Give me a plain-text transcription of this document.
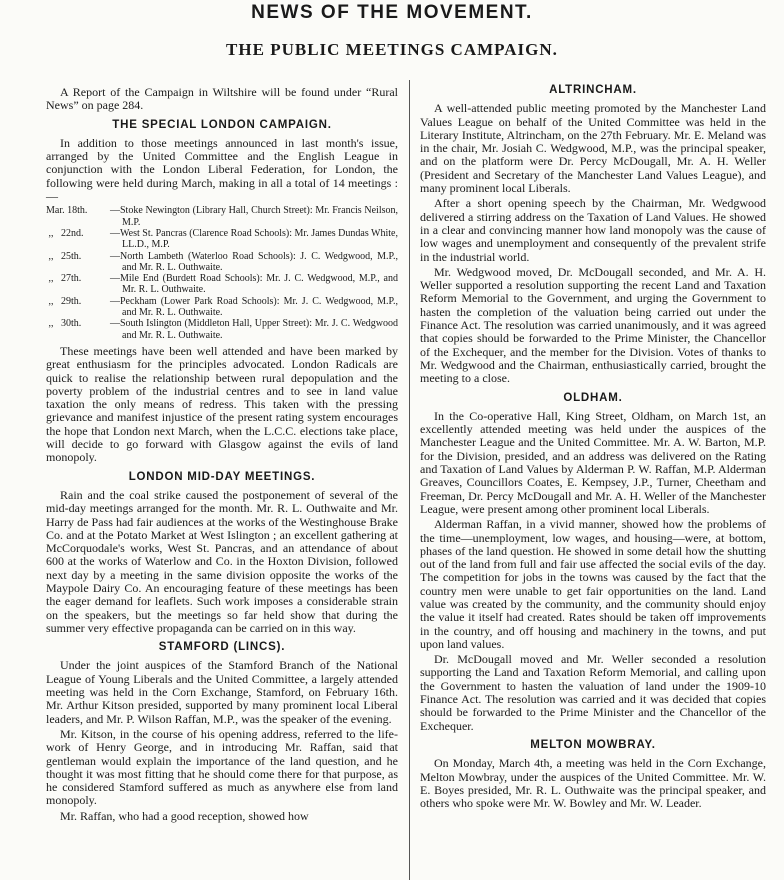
NEWS OF THE MOVEMENT.
THE PUBLIC MEETINGS CAMPAIGN.

A Report of the Campaign in Wiltshire will be found under “Rural News” on page 284.

THE SPECIAL LONDON CAMPAIGN.

In addition to those meetings announced in last month's issue, arranged by the United Committee and the English League in conjunction with the London Liberal Federation, for London, the following were held during March, making in all a total of 14 meetings :—

Mar. 18th.	—Stoke Newington (Library Hall, Church Street): Mr. Francis Neilson, M.P.
,,   22nd.	—West St. Pancras (Clarence Road Schools): Mr. James Dundas White, LL.D., M.P.
,,   25th.	—North Lambeth (Waterloo Road Schools): J. C. Wedgwood, M.P., and Mr. R. L. Outhwaite.
,,   27th.	—Mile End (Burdett Road Schools): Mr. J. C. Wedgwood, M.P., and Mr. R. L. Outhwaite.
,,   29th.	—Peckham (Lower Park Road Schools): Mr. J. C. Wedgwood, M.P., and Mr. R. L. Outhwaite.
,,   30th.	—South Islington (Middleton Hall, Upper Street): Mr. J. C. Wedgwood and Mr. R. L. Outhwaite.

These meetings have been well attended and have been marked by great enthusiasm for the principles advocated. London Radicals are quick to realise the relationship between rural depopulation and the poverty problem of the industrial centres and to see in land value taxation the only means of redress. This taken with the pressing grievance and manifest injustice of the present rating system encourages the hope that London next March, when the L.C.C. elections take place, will decide to go forward with Glasgow against the evils of land monopoly.

LONDON MID-DAY MEETINGS.

Rain and the coal strike caused the postponement of several of the mid-day meetings arranged for the month. Mr. R. L. Outhwaite and Mr. Harry de Pass had fair audiences at the works of the Westinghouse Brake Co. and at the Potato Market at West Islington ; an excellent gathering at McCorquodale's works, West St. Pancras, and an attendance of about 600 at the works of Waterlow and Co. in the Hoxton Division, followed next day by a meeting in the same division opposite the works of the Maypole Dairy Co. An encouraging feature of these meetings has been the eager demand for leaflets. Such work imposes a considerable strain on the speakers, but the meetings so far held show that during the summer very effective propaganda can be carried on in this way.

STAMFORD (LINCS).

Under the joint auspices of the Stamford Branch of the National League of Young Liberals and the United Committee, a largely attended meeting was held in the Corn Exchange, Stamford, on February 16th. Mr. Arthur Kitson presided, supported by many prominent local Liberal leaders, and Mr. P. Wilson Raffan, M.P., was the speaker of the evening.

Mr. Kitson, in the course of his opening address, referred to the life-work of Henry George, and in introducing Mr. Raffan, said that gentleman would explain the importance of the land question, and he thought it was most fitting that he should come there for that purpose, as he considered Stamford suffered as much as anywhere else from land monopoly.

Mr. Raffan, who had a good reception, showed how

ALTRINCHAM.

A well-attended public meeting promoted by the Manchester Land Values League on behalf of the United Committee was held in the Literary Institute, Altrincham, on the 27th February. Mr. E. Meland was in the chair, Mr. Josiah C. Wedgwood, M.P., was the principal speaker, and on the platform were Dr. Percy McDougall, Mr. A. H. Weller (President and Secretary of the Manchester Land Values League), and many prominent local Liberals.

After a short opening speech by the Chairman, Mr. Wedgwood delivered a stirring address on the Taxation of Land Values. He showed in a clear and convincing manner how land monopoly was the cause of low wages and unemployment and consequently of the prevalent strife in the industrial world.

Mr. Wedgwood moved, Dr. McDougall seconded, and Mr. A. H. Weller supported a resolution supporting the recent Land and Taxation Reform Memorial to the Government, and urging the Government to hasten the completion of the valuation being carried out under the Finance Act. The resolution was carried unanimously, and it was agreed that copies should be forwarded to the Prime Minister, the Chancellor of the Exchequer, and the member for the Division. Votes of thanks to Mr. Wedgwood and the Chairman, enthusiastically carried, brought the meeting to a close.

OLDHAM.

In the Co-operative Hall, King Street, Oldham, on March 1st, an excellently attended meeting was held under the auspices of the Manchester League and the United Committee. Mr. A. W. Barton, M.P. for the Division, presided, and an address was delivered on the Rating and Taxation of Land Values by Alderman P. W. Raffan, M.P. Alderman Greaves, Councillors Coates, E. Kempsey, J.P., Turner, Cheetham and Freeman, Dr. Percy McDougall and Mr. A. H. Weller of the Manchester League, were present among other prominent local Liberals.

Alderman Raffan, in a vivid manner, showed how the problems of the time—unemployment, low wages, and housing—were, at bottom, phases of the land question. He showed in some detail how the shutting out of the land from full and fair use affected the social evils of the day. The competition for jobs in the towns was caused by the fact that the country men were unable to get fair opportunities on the land. Land value was created by the community, and the community should enjoy the value it itself had created. Rates should be taken off improvements in the country, and off housing and machinery in the towns, and put upon land values.

Dr. McDougall moved and Mr. Weller seconded a resolution supporting the Land and Taxation Reform Memorial, and calling upon the Government to hasten the valuation of land under the 1909-10 Finance Act. The resolution was carried and it was decided that copies should be forwarded to the Prime Minister and the Chancellor of the Exchequer.

MELTON MOWBRAY.

On Monday, March 4th, a meeting was held in the Corn Exchange, Melton Mowbray, under the auspices of the United Committee. Mr. W. E. Boyes presided, Mr. R. L. Outhwaite was the principal speaker, and others who spoke were Mr. W. Bowley and Mr. W. Leader.
